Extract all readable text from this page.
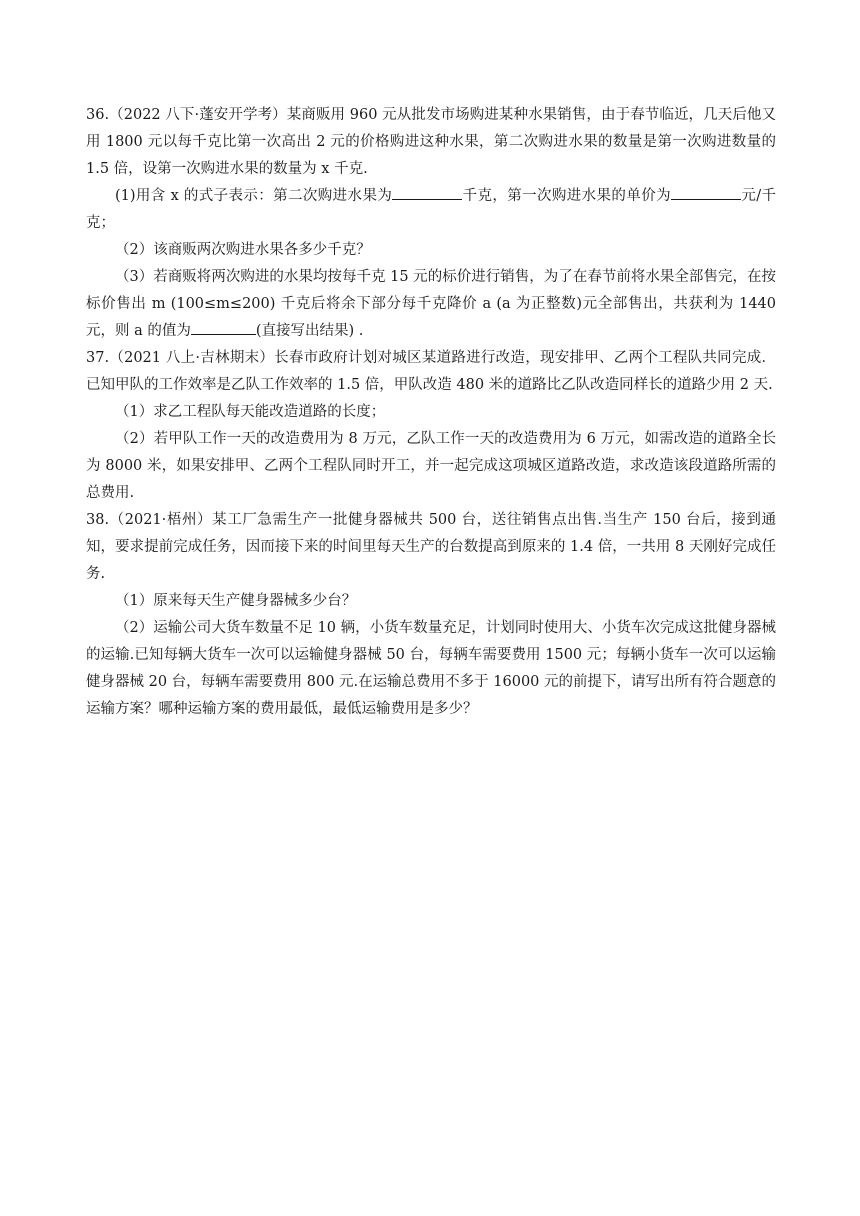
36.（2022 八下·蓬安开学考）某商贩用 960 元从批发市场购进某种水果销售，由于春节临近，几天后他又用 1800 元以每千克比第一次高出 2 元的价格购进这种水果，第二次购进水果的数量是第一次购进数量的 1.5 倍，设第一次购进水果的数量为 x 千克.

(1)用含 x 的式子表示：第二次购进水果为	千克，第一次购进水果的单价为	元/千克；

（2）该商贩两次购进水果各多少千克？

（3）若商贩将两次购进的水果均按每千克 15 元的标价进行销售，为了在春节前将水果全部售完，在按标价售出 m (100≤m≤200) 千克后将余下部分每千克降价 a (a 为正整数)元全部售出，共获利为 1440 元，则 a 的值为	(直接写出结果) .

37.（2021 八上·吉林期末）长春市政府计划对城区某道路进行改造，现安排甲、乙两个工程队共同完成．已知甲队的工作效率是乙队工作效率的 1.5 倍，甲队改造 480 米的道路比乙队改造同样长的道路少用 2 天.

（1）求乙工程队每天能改造道路的长度；

（2）若甲队工作一天的改造费用为 8 万元，乙队工作一天的改造费用为 6 万元，如需改造的道路全长为 8000 米，如果安排甲、乙两个工程队同时开工，并一起完成这项城区道路改造，求改造该段道路所需的总费用.

38.（2021·梧州）某工厂急需生产一批健身器械共 500 台，送往销售点出售.当生产 150 台后，接到通知，要求提前完成任务，因而接下来的时间里每天生产的台数提高到原来的 1.4 倍，一共用 8 天刚好完成任务.

（1）原来每天生产健身器械多少台？

（2）运输公司大货车数量不足 10 辆，小货车数量充足，计划同时使用大、小货车次完成这批健身器械的运输.已知每辆大货车一次可以运输健身器械 50 台，每辆车需要费用 1500 元；每辆小货车一次可以运输健身器械 20 台，每辆车需要费用 800 元.在运输总费用不多于 16000 元的前提下，请写出所有符合题意的运输方案？哪种运输方案的费用最低，最低运输费用是多少？
